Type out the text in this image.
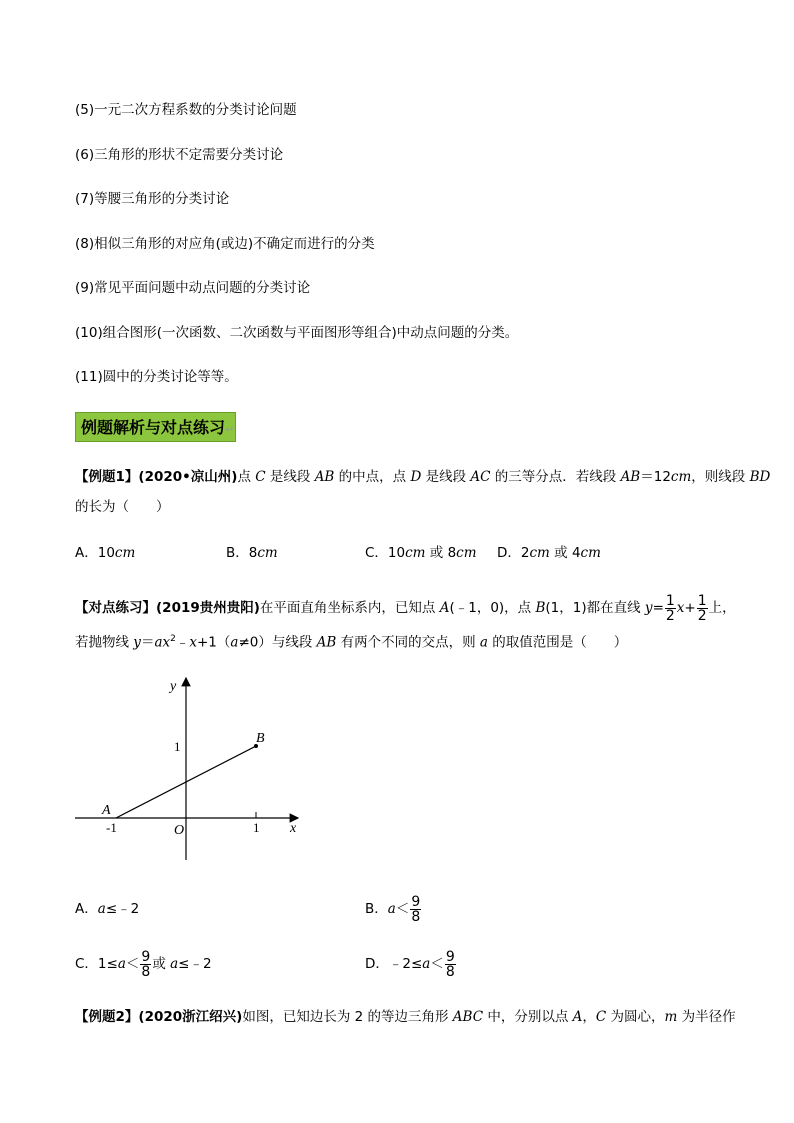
(5)一元二次方程系数的分类讨论问题
(6)三角形的形状不定需要分类讨论
(7)等腰三角形的分类讨论
(8)相似三角形的对应角(或边)不确定而进行的分类
(9)常见平面问题中动点问题的分类讨论
(10)组合图形(一次函数、二次函数与平面图形等组合)中动点问题的分类。
(11)圆中的分类讨论等等。
例题解析与对点练习↵
【例题1】(2020•凉山州)点 C 是线段 AB 的中点，点 D 是线段 AC 的三等分点．若线段 AB＝12cm，则线段 BD
的长为（　　）
A．10cm	B．8cm	C．10cm 或 8cm D．2cm 或 4cm
【对点练习】(2019贵州贵阳)在平面直角坐标系内，已知点 A(﹣1，0)，点 B(1，1)都在直线 $y= \frac{1}{2} x+ \frac{1}{2}$ 上，
若抛物线 $y=ax^2﹣x+1(a\ne 0)$与线段 AB 有两个不同的交点，则 a 的取值范围是（　　）
y
x
O
A
B
-1	1
1
A．a≤﹣2	B．$a< \frac{9}{8}$
C．$1\le a< \frac{9}{8}$ 或 a≤﹣2	D．﹣2≤a＜ $\frac{9}{8}$
【例题2】(2020浙江绍兴)如图，已知边长为 2 的等边三角形 ABC 中，分别以点 A，C 为圆心，m 为半径作
